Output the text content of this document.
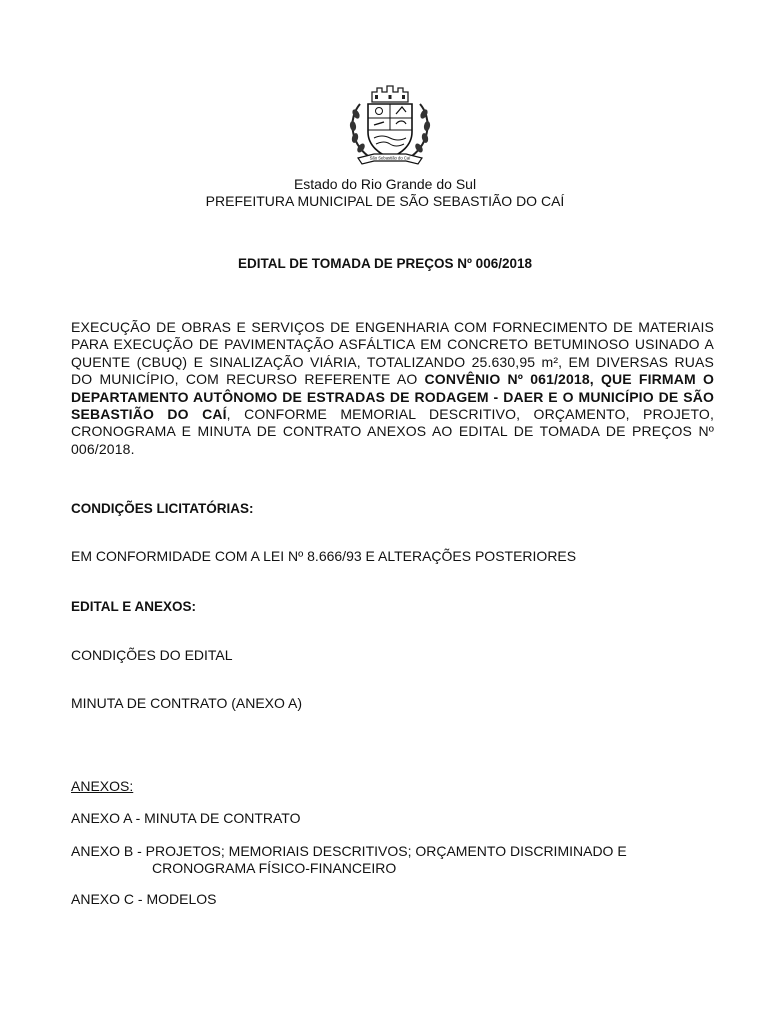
São Sebastião do Caí
Estado do Rio Grande do Sul
PREFEITURA MUNICIPAL DE SÃO SEBASTIÃO DO CAÍ
EDITAL DE TOMADA DE PREÇOS Nº 006/2018
EXECUÇÃO DE OBRAS E SERVIÇOS DE ENGENHARIA COM FORNECIMENTO DE MATERIAIS PARA EXECUÇÃO DE PAVIMENTAÇÃO ASFÁLTICA EM CONCRETO BETUMINOSO USINADO A QUENTE (CBUQ) E SINALIZAÇÃO VIÁRIA, TOTALIZANDO 25.630,95 m², EM DIVERSAS RUAS DO MUNICÍPIO, COM RECURSO REFERENTE AO CONVÊNIO Nº 061/2018, QUE FIRMAM O DEPARTAMENTO AUTÔNOMO DE ESTRADAS DE RODAGEM - DAER E O MUNICÍPIO DE SÃO SEBASTIÃO DO CAÍ, CONFORME MEMORIAL DESCRITIVO, ORÇAMENTO, PROJETO, CRONOGRAMA E MINUTA DE CONTRATO ANEXOS AO EDITAL DE TOMADA DE PREÇOS Nº 006/2018.
CONDIÇÕES LICITATÓRIAS:
EM CONFORMIDADE COM A LEI Nº 8.666/93 E ALTERAÇÕES POSTERIORES
EDITAL E ANEXOS:
CONDIÇÕES DO EDITAL
MINUTA DE CONTRATO (ANEXO A)
ANEXOS:
ANEXO A - MINUTA DE CONTRATO
ANEXO B - PROJETOS; MEMORIAIS DESCRITIVOS; ORÇAMENTO DISCRIMINADO E
CRONOGRAMA FÍSICO-FINANCEIRO
ANEXO C - MODELOS
